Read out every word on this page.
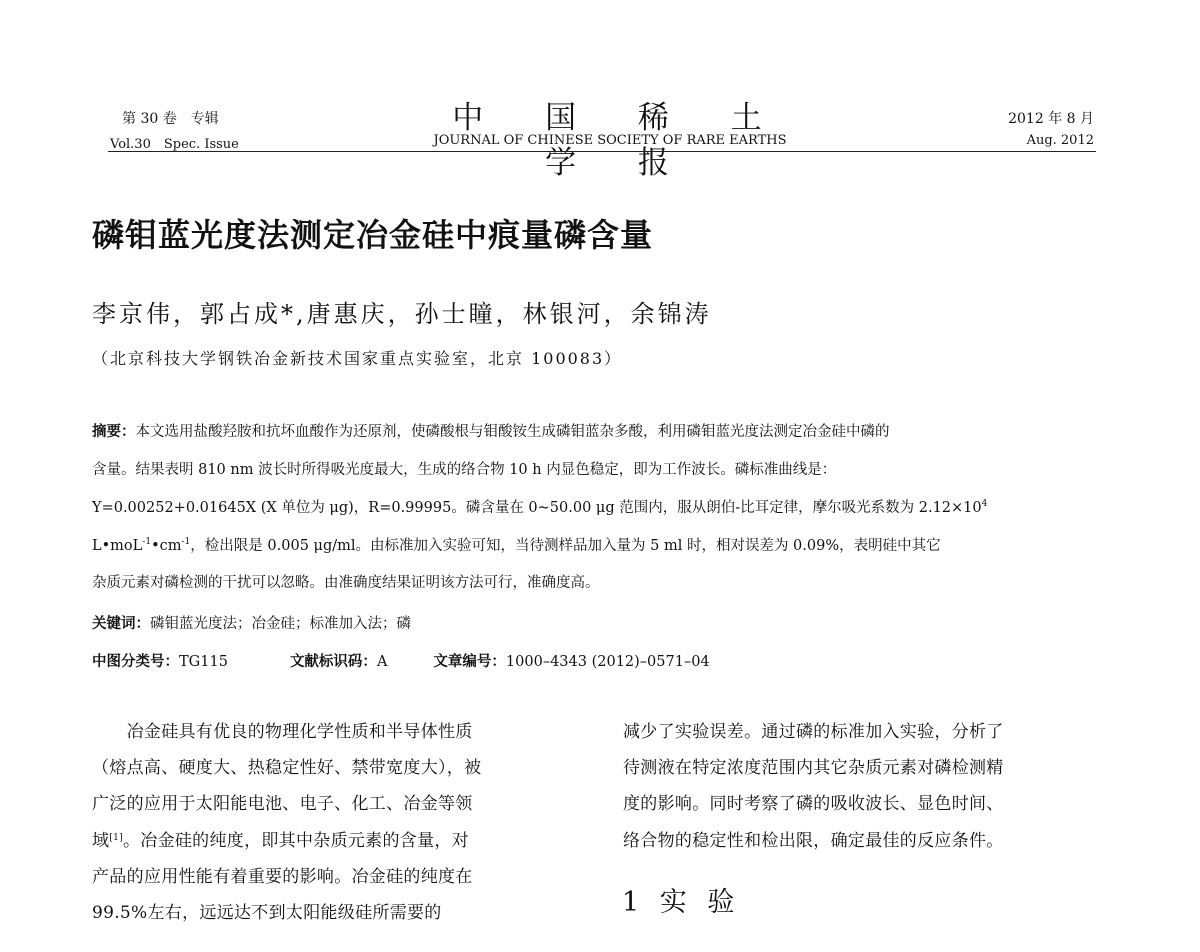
第 30 卷　专辑
Vol.30　Spec. Issue
中 国 稀 土 学 报
JOURNAL OF CHINESE SOCIETY OF RARE EARTHS
2012 年 8 月
Aug. 2012
磷钼蓝光度法测定冶金硅中痕量磷含量
李京伟，郭占成*,唐惠庆，孙士瞳，林银河，余锦涛
（北京科技大学钢铁冶金新技术国家重点实验室，北京 100083）
摘要：本文选用盐酸羟胺和抗坏血酸作为还原剂，使磷酸根与钼酸铵生成磷钼蓝杂多酸，利用磷钼蓝光度法测定冶金硅中磷的
含量。结果表明 810 nm 波长时所得吸光度最大，生成的络合物 10 h 内显色稳定，即为工作波长。磷标准曲线是：
Y=0.00252+0.01645X (X 单位为 μg)，R=0.99995。磷含量在 0~50.00 μg 范围内，服从朗伯-比耳定律，摩尔吸光系数为 $2.12\times 10^4$
$L•moL^{-1}•cm^{-1}$，检出限是 0.005 μg/ml。由标准加入实验可知，当待测样品加入量为 5 ml 时，相对误差为 0.09%，表明硅中其它
杂质元素对磷检测的干扰可以忽略。由准确度结果证明该方法可行，准确度高。
关键词：磷钼蓝光度法；冶金硅；标准加入法；磷
中图分类号：TG115	文献标识码：A	文章编号：1000–4343 (2012)–0571–04
　　冶金硅具有优良的物理化学性质和半导体性质
（熔点高、硬度大、热稳定性好、禁带宽度大），被
广泛的应用于太阳能电池、电子、化工、冶金等领
域[1]。冶金硅的纯度，即其中杂质元素的含量，对
产品的应用性能有着重要的影响。冶金硅的纯度在
99.5%左右，远远达不到太阳能级硅所需要的
减少了实验误差。通过磷的标准加入实验，分析了
待测液在特定浓度范围内其它杂质元素对磷检测精
度的影响。同时考察了磷的吸收波长、显色时间、
络合物的稳定性和检出限，确定最佳的反应条件。
1 实 验
